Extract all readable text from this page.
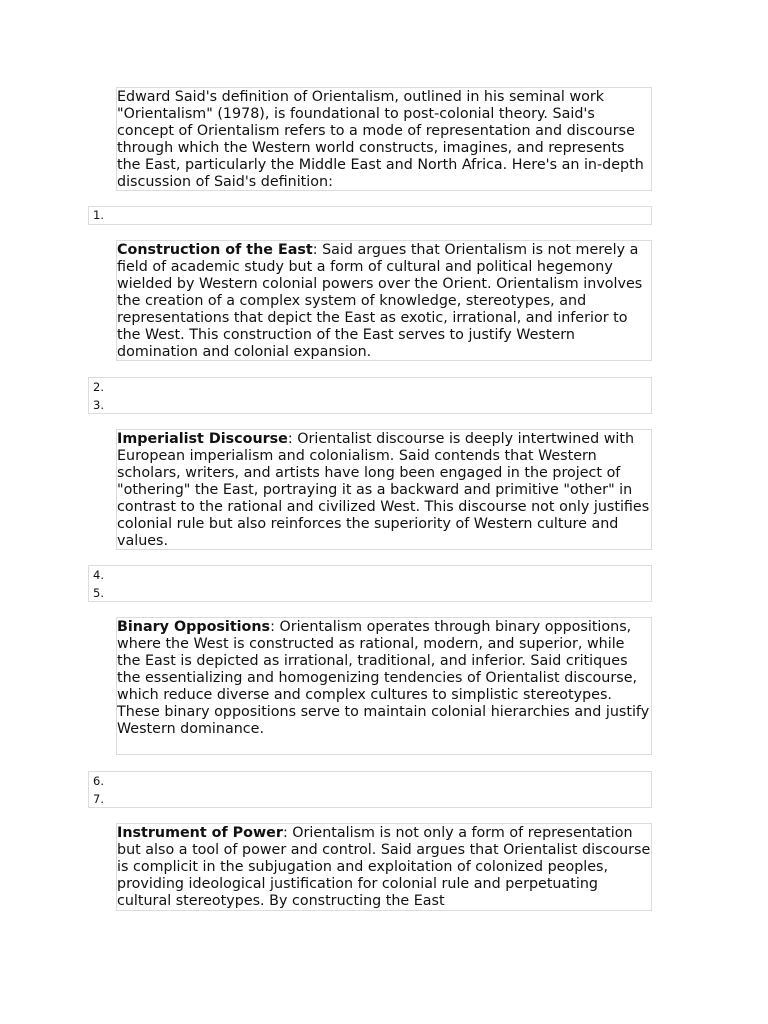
Edward Said's definition of Orientalism, outlined in his seminal work "Orientalism" (1978), is foundational to post-colonial theory. Said's concept of Orientalism refers to a mode of representation and discourse through which the Western world constructs, imagines, and represents the East, particularly the Middle East and North Africa. Here's an in-depth discussion of Said's definition:
1.
Construction of the East: Said argues that Orientalism is not merely a field of academic study but a form of cultural and political hegemony wielded by Western colonial powers over the Orient. Orientalism involves the creation of a complex system of knowledge, stereotypes, and representations that depict the East as exotic, irrational, and inferior to the West. This construction of the East serves to justify Western domination and colonial expansion.
2.
3.
Imperialist Discourse: Orientalist discourse is deeply intertwined with European imperialism and colonialism. Said contends that Western scholars, writers, and artists have long been engaged in the project of "othering" the East, portraying it as a backward and primitive "other" in contrast to the rational and civilized West. This discourse not only justifies colonial rule but also reinforces the superiority of Western culture and values.
4.
5.
Binary Oppositions: Orientalism operates through binary oppositions, where the West is constructed as rational, modern, and superior, while the East is depicted as irrational, traditional, and inferior. Said critiques the essentializing and homogenizing tendencies of Orientalist discourse, which reduce diverse and complex cultures to simplistic stereotypes. These binary oppositions serve to maintain colonial hierarchies and justify Western dominance.
6.
7.
Instrument of Power: Orientalism is not only a form of representation but also a tool of power and control. Said argues that Orientalist discourse is complicit in the subjugation and exploitation of colonized peoples, providing ideological justification for colonial rule and perpetuating cultural stereotypes. By constructing the East
